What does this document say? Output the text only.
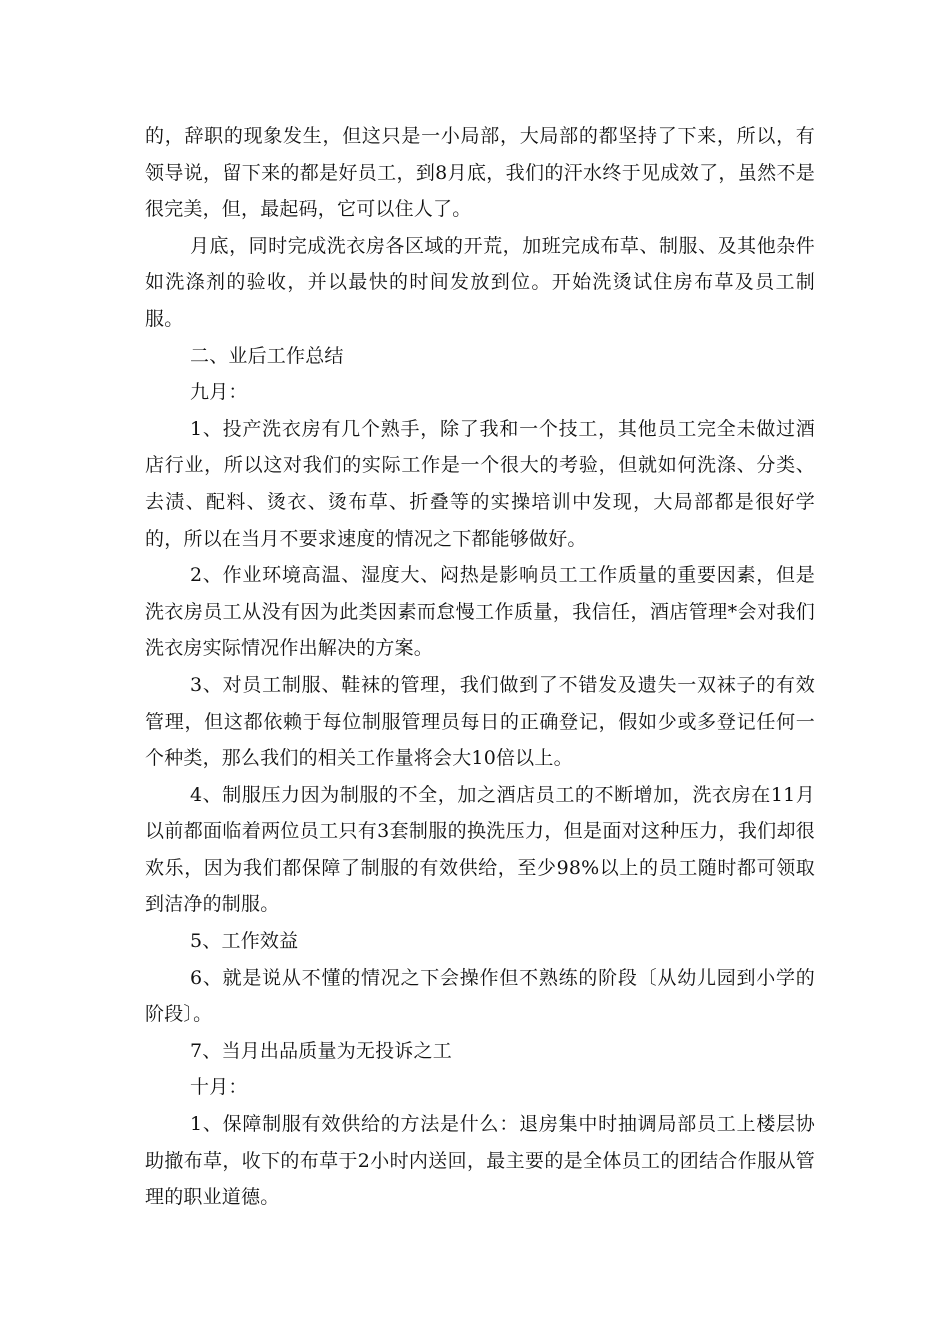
的，辞职的现象发生，但这只是一小局部，大局部的都坚持了下来，所以，有领导说，留下来的都是好员工，到8月底，我们的汗水终于见成效了，虽然不是很完美，但，最起码，它可以住人了。

月底，同时完成洗衣房各区域的开荒，加班完成布草、制服、及其他杂件如洗涤剂的验收，并以最快的时间发放到位。开始洗烫试住房布草及员工制服。

二、业后工作总结

九月：

1、投产洗衣房有几个熟手，除了我和一个技工，其他员工完全未做过酒店行业，所以这对我们的实际工作是一个很大的考验，但就如何洗涤、分类、去渍、配料、烫衣、烫布草、折叠等的实操培训中发现，大局部都是很好学的，所以在当月不要求速度的情况之下都能够做好。

2、作业环境高温、湿度大、闷热是影响员工工作质量的重要因素，但是洗衣房员工从没有因为此类因素而怠慢工作质量，我信任，酒店管理*会对我们洗衣房实际情况作出解决的方案。

3、对员工制服、鞋袜的管理，我们做到了不错发及遗失一双袜子的有效管理，但这都依赖于每位制服管理员每日的正确登记，假如少或多登记任何一个种类，那么我们的相关工作量将会大10倍以上。

4、制服压力因为制服的不全，加之酒店员工的不断增加，洗衣房在11月以前都面临着两位员工只有3套制服的换洗压力，但是面对这种压力，我们却很欢乐，因为我们都保障了制服的有效供给，至少98%以上的员工随时都可领取到洁净的制服。

5、工作效益

6、就是说从不懂的情况之下会操作但不熟练的阶段〔从幼儿园到小学的阶段〕。

7、当月出品质量为无投诉之工

十月：

1、保障制服有效供给的方法是什么：退房集中时抽调局部员工上楼层协助撤布草，收下的布草于2小时内送回，最主要的是全体员工的团结合作服从管理的职业道德。
